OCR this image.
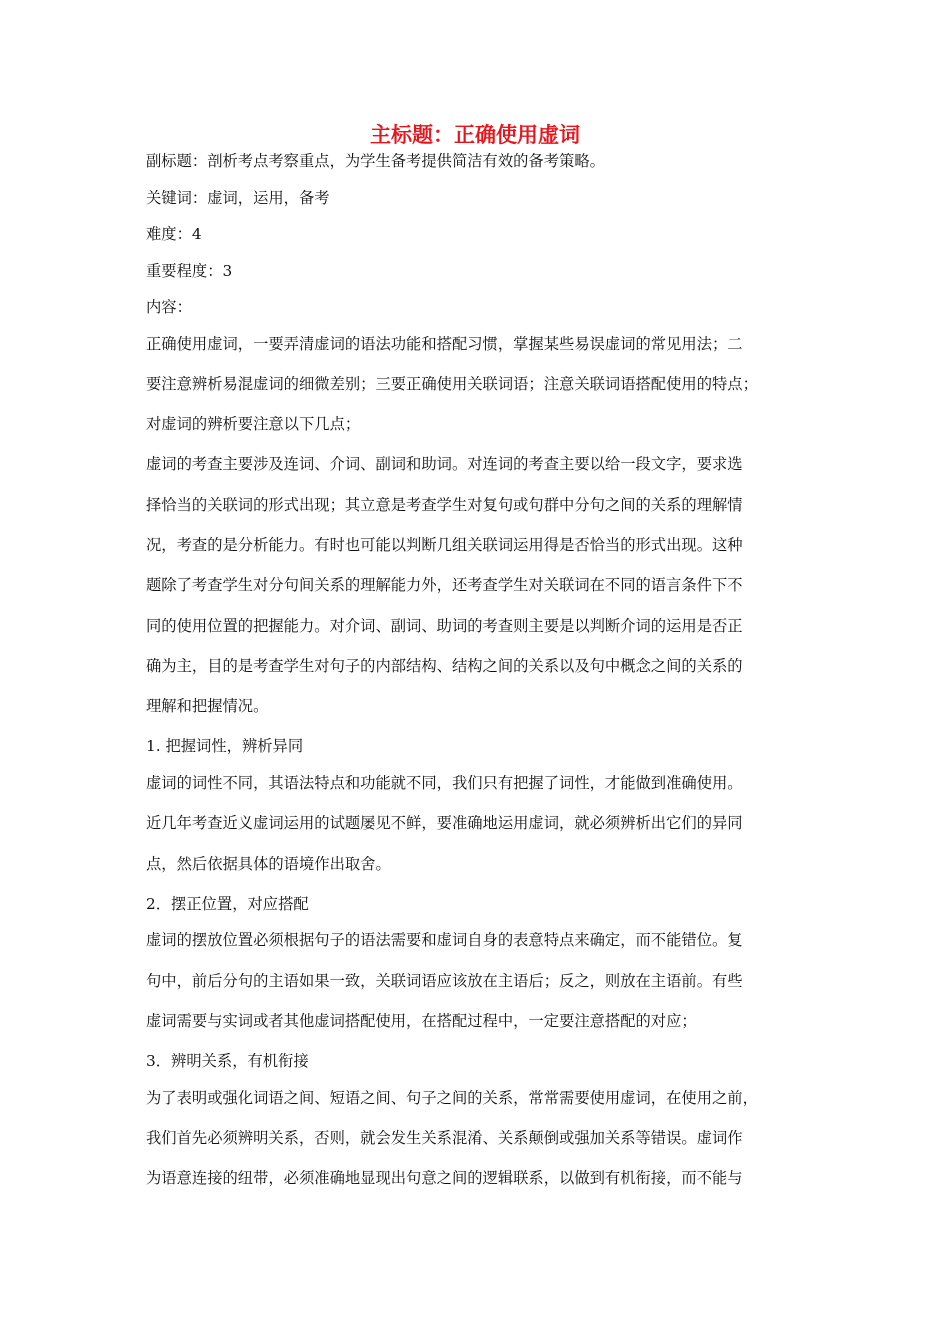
主标题：正确使用虚词

副标题：剖析考点考察重点，为学生备考提供简洁有效的备考策略。

关键词：虚词，运用，备考

难度：4

重要程度：3

内容：

正确使用虚词，一要弄清虚词的语法功能和搭配习惯，掌握某些易误虚词的常见用法；二

要注意辨析易混虚词的细微差别；三要正确使用关联词语；注意关联词语搭配使用的特点；

对虚词的辨析要注意以下几点；

虚词的考查主要涉及连词、介词、副词和助词。对连词的考查主要以给一段文字，要求选

择恰当的关联词的形式出现；其立意是考查学生对复句或句群中分句之间的关系的理解情

况，考查的是分析能力。有时也可能以判断几组关联词运用得是否恰当的形式出现。这种

题除了考查学生对分句间关系的理解能力外，还考查学生对关联词在不同的语言条件下不

同的使用位置的把握能力。对介词、副词、助词的考查则主要是以判断介词的运用是否正

确为主，目的是考查学生对句子的内部结构、结构之间的关系以及句中概念之间的关系的

理解和把握情况。

1. 把握词性，辨析异同

虚词的词性不同，其语法特点和功能就不同，我们只有把握了词性，才能做到准确使用。

近几年考查近义虚词运用的试题屡见不鲜，要准确地运用虚词，就必须辨析出它们的异同

点，然后依据具体的语境作出取舍。

2．摆正位置，对应搭配

虚词的摆放位置必须根据句子的语法需要和虚词自身的表意特点来确定，而不能错位。复

句中，前后分句的主语如果一致，关联词语应该放在主语后；反之，则放在主语前。有些

虚词需要与实词或者其他虚词搭配使用，在搭配过程中，一定要注意搭配的对应；

3．辨明关系，有机衔接

为了表明或强化词语之间、短语之间、句子之间的关系，常常需要使用虚词，在使用之前，

我们首先必须辨明关系，否则，就会发生关系混淆、关系颠倒或强加关系等错误。虚词作

为语意连接的纽带，必须准确地显现出句意之间的逻辑联系，以做到有机衔接，而不能与
